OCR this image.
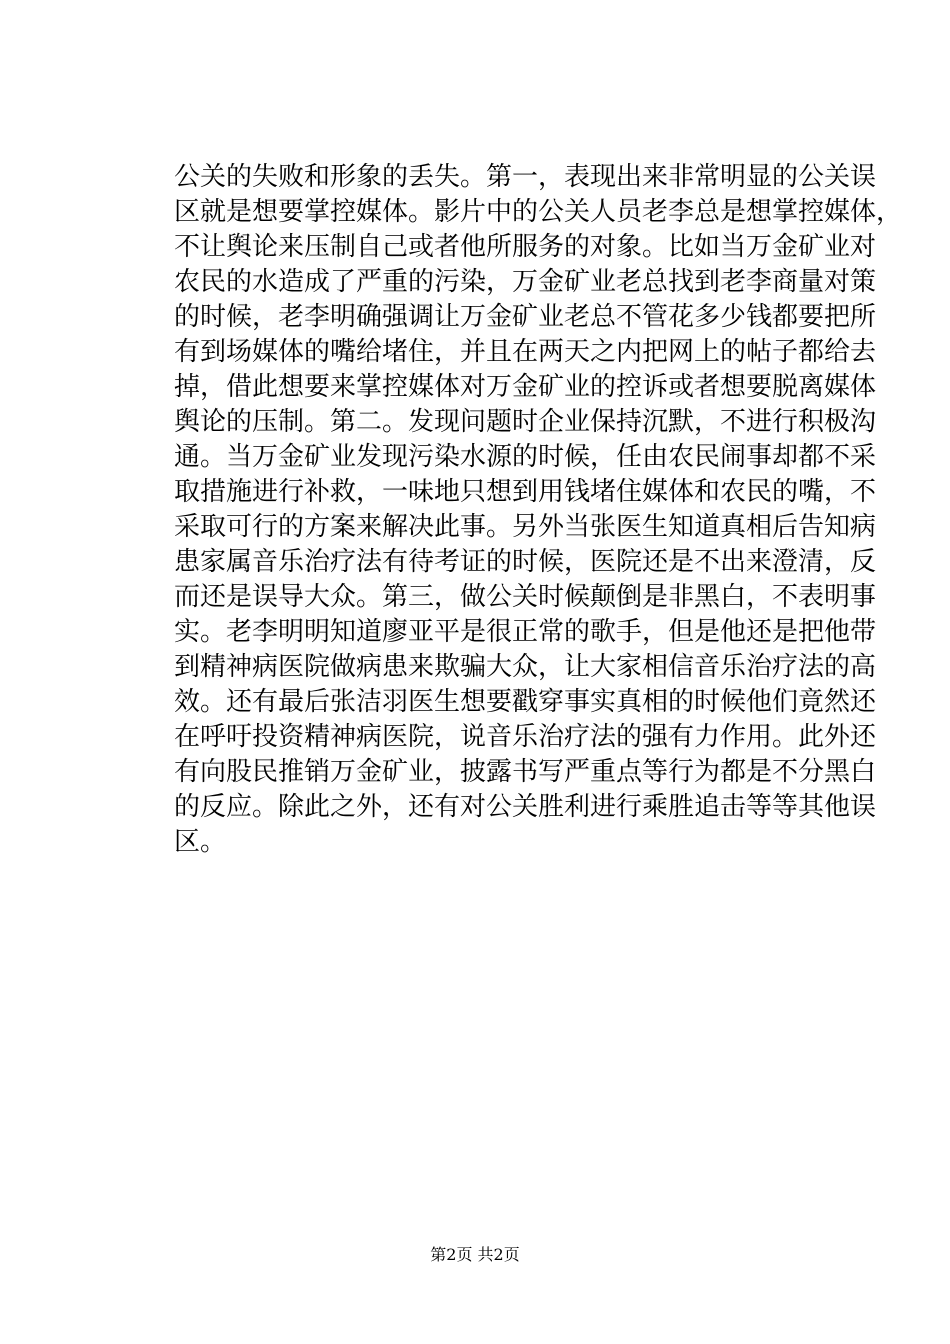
公关的失败和形象的丢失。第一，表现出来非常明显的公关误
区就是想要掌控媒体。影片中的公关人员老李总是想掌控媒体，
不让舆论来压制自己或者他所服务的对象。比如当万金矿业对
农民的水造成了严重的污染，万金矿业老总找到老李商量对策
的时候，老李明确强调让万金矿业老总不管花多少钱都要把所
有到场媒体的嘴给堵住，并且在两天之内把网上的帖子都给去
掉，借此想要来掌控媒体对万金矿业的控诉或者想要脱离媒体
舆论的压制。第二。发现问题时企业保持沉默，不进行积极沟
通。当万金矿业发现污染水源的时候，任由农民闹事却都不采
取措施进行补救，一味地只想到用钱堵住媒体和农民的嘴，不
采取可行的方案来解决此事。另外当张医生知道真相后告知病
患家属音乐治疗法有待考证的时候，医院还是不出来澄清，反
而还是误导大众。第三，做公关时候颠倒是非黑白，不表明事
实。老李明明知道廖亚平是很正常的歌手，但是他还是把他带
到精神病医院做病患来欺骗大众，让大家相信音乐治疗法的高
效。还有最后张洁羽医生想要戳穿事实真相的时候他们竟然还
在呼吁投资精神病医院，说音乐治疗法的强有力作用。此外还
有向股民推销万金矿业，披露书写严重点等行为都是不分黑白
的反应。除此之外，还有对公关胜利进行乘胜追击等等其他误
区。
第2页 共2页
